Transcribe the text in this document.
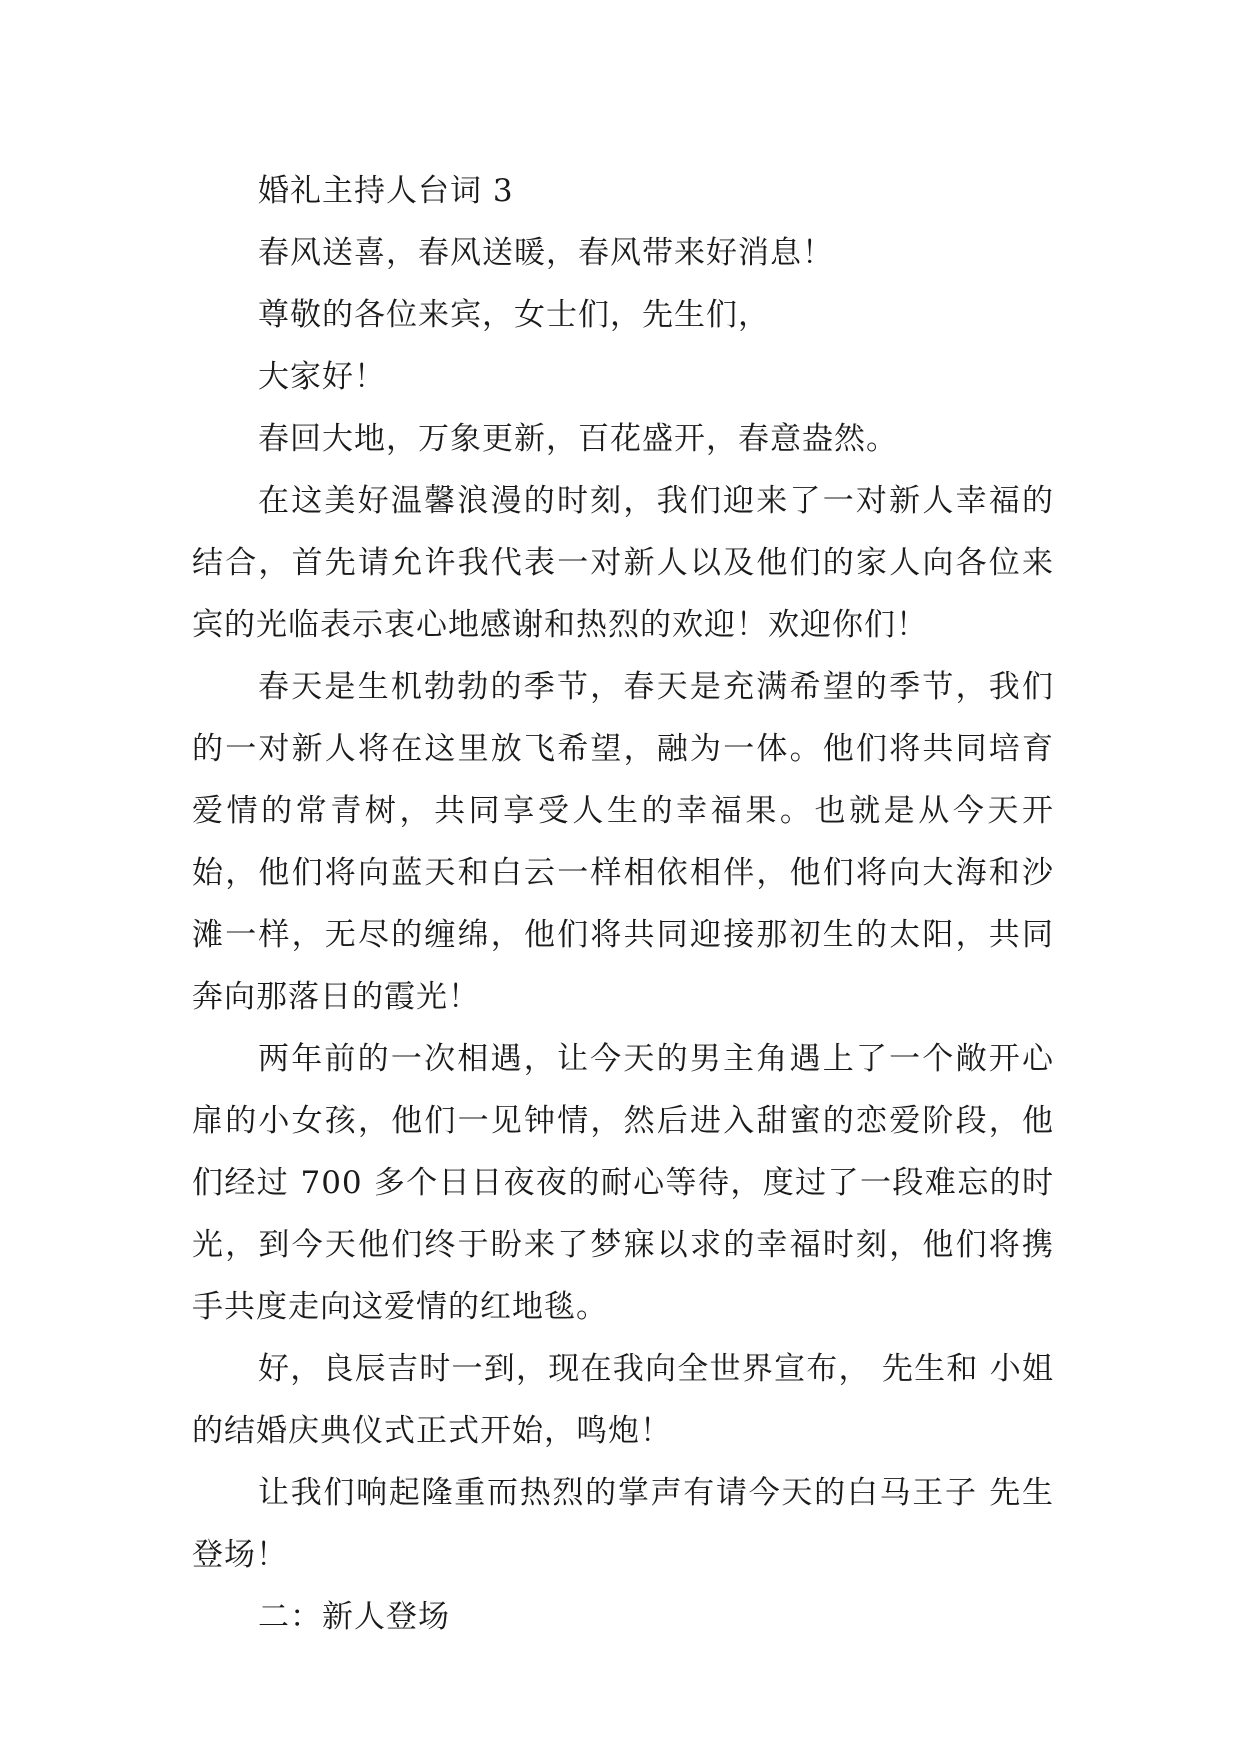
婚礼主持人台词 3

春风送喜，春风送暖，春风带来好消息！

尊敬的各位来宾，女士们，先生们，

大家好！

春回大地，万象更新，百花盛开，春意盎然。

在这美好温馨浪漫的时刻，我们迎来了一对新人幸福的结合，首先请允许我代表一对新人以及他们的家人向各位来宾的光临表示衷心地感谢和热烈的欢迎！欢迎你们！

春天是生机勃勃的季节，春天是充满希望的季节，我们的一对新人将在这里放飞希望，融为一体。他们将共同培育爱情的常青树，共同享受人生的幸福果。也就是从今天开始，他们将向蓝天和白云一样相依相伴，他们将向大海和沙滩一样，无尽的缠绵，他们将共同迎接那初生的太阳，共同奔向那落日的霞光！

两年前的一次相遇，让今天的男主角遇上了一个敞开心扉的小女孩，他们一见钟情，然后进入甜蜜的恋爱阶段，他们经过 700 多个日日夜夜的耐心等待，度过了一段难忘的时光，到今天他们终于盼来了梦寐以求的幸福时刻，他们将携手共度走向这爱情的红地毯。

好，良辰吉时一到，现在我向全世界宣布， 先生和 小姐的结婚庆典仪式正式开始，鸣炮！

让我们响起隆重而热烈的掌声有请今天的白马王子 先生登场！

二：新人登场
